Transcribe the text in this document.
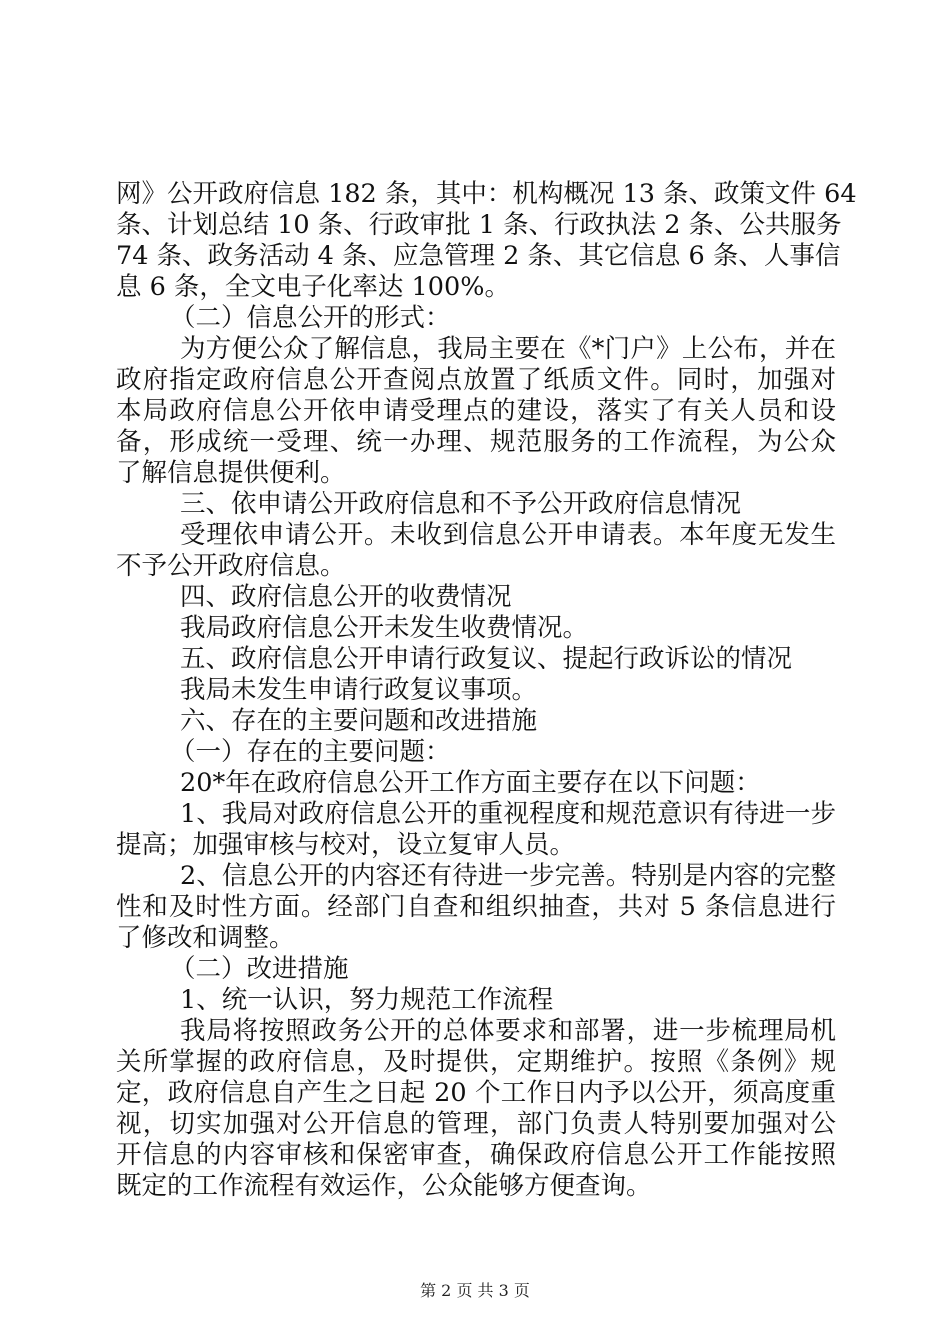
网》公开政府信息 182 条，其中：机构概况 13 条、政策文件 64
条、计划总结 10 条、行政审批 1 条、行政执法 2 条、公共服务
74 条、政务活动 4 条、应急管理 2 条、其它信息 6 条、人事信
息 6 条，全文电子化率达 100%。
（二）信息公开的形式：
为方便公众了解信息，我局主要在《*门户》上公布，并在
政府指定政府信息公开查阅点放置了纸质文件。同时，加强对
本局政府信息公开依申请受理点的建设，落实了有关人员和设
备，形成统一受理、统一办理、规范服务的工作流程，为公众
了解信息提供便利。
三、依申请公开政府信息和不予公开政府信息情况
受理依申请公开。未收到信息公开申请表。本年度无发生
不予公开政府信息。
四、政府信息公开的收费情况
我局政府信息公开未发生收费情况。
五、政府信息公开申请行政复议、提起行政诉讼的情况
我局未发生申请行政复议事项。
六、存在的主要问题和改进措施
（一）存在的主要问题：
20*年在政府信息公开工作方面主要存在以下问题：
1、我局对政府信息公开的重视程度和规范意识有待进一步
提高；加强审核与校对，设立复审人员。
2、信息公开的内容还有待进一步完善。特别是内容的完整
性和及时性方面。经部门自查和组织抽查，共对 5 条信息进行
了修改和调整。
（二）改进措施
1、统一认识，努力规范工作流程
我局将按照政务公开的总体要求和部署，进一步梳理局机
关所掌握的政府信息，及时提供，定期维护。按照《条例》规
定，政府信息自产生之日起 20 个工作日内予以公开，须高度重
视，切实加强对公开信息的管理，部门负责人特别要加强对公
开信息的内容审核和保密审查，确保政府信息公开工作能按照
既定的工作流程有效运作，公众能够方便查询。
第 2 页 共 3 页
